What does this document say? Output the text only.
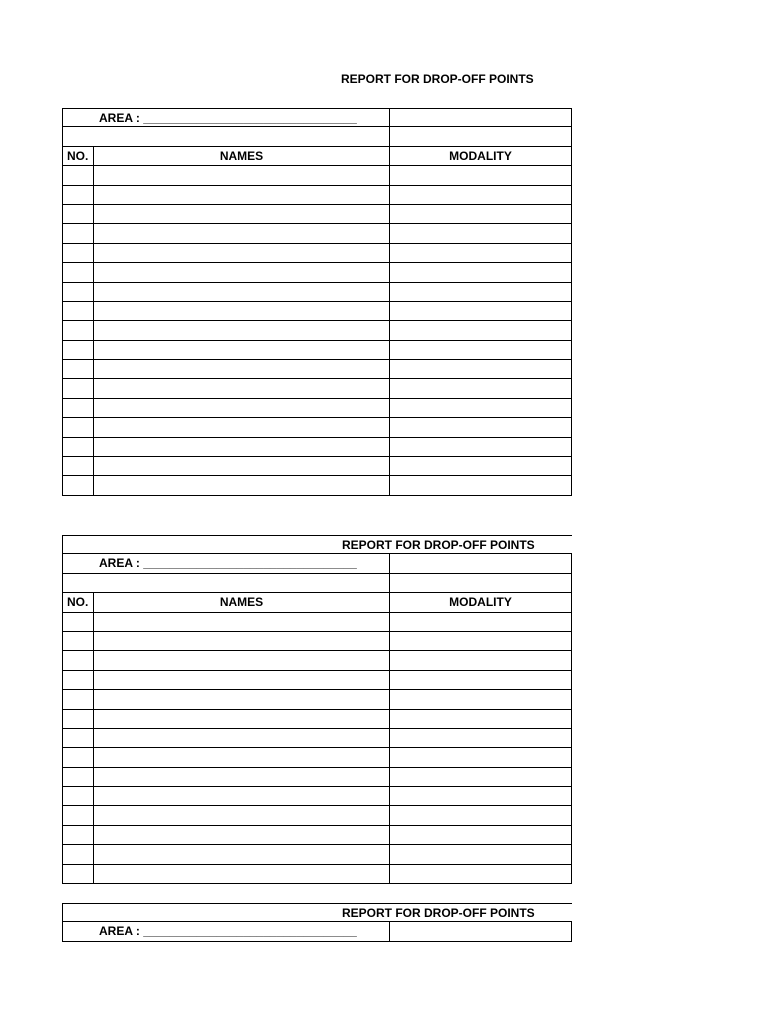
REPORT FOR DROP-OFF POINTS
AREA : ________________________________
NO.	NAMES	MODALITY
REPORT FOR DROP-OFF POINTS
AREA : ________________________________
NO.	NAMES	MODALITY
REPORT FOR DROP-OFF POINTS
AREA : ________________________________
